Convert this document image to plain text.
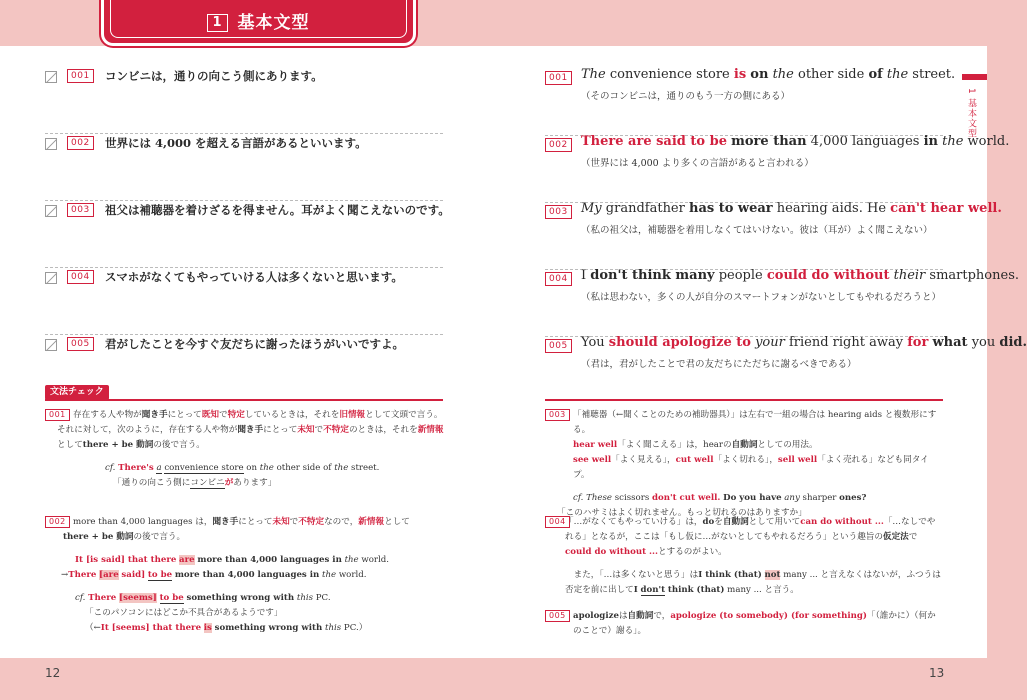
1 基本文型
1 基本文型
001	コンビニは，通りの向こう側にあります。
002	世界には 4,000 を超える言語があるといいます。
003	祖父は補聴器を着けざるを得ません。耳がよく聞こえないのです。
004	スマホがなくてもやっていける人は多くないと思います。
005	君がしたことを今すぐ友だちに謝ったほうがいいですよ。
001	The convenience store is on the other side of the street.
（そのコンビニは，通りのもう一方の側にある）
002	There are said to be more than 4,000 languages in the world.
（世界には 4,000 より多くの言語があると言われる）
003	My grandfather has to wear hearing aids. He can't hear well.
（私の祖父は，補聴器を着用しなくてはいけない。彼は（耳が）よく聞こえない）
004	I don't think many people could do without their smartphones.
（私は思わない，多くの人が自分のスマートフォンがないとしてもやれるだろうと）
005	You should apologize to your friend right away for what you did.
（君は，君がしたことで君の友だちにただちに謝るべきである）
文法チェック
001 存在する人や物が聞き手にとって既知で特定しているときは，それを旧情報として文頭で言う。
それに対して，次のように，存在する人や物が聞き手にとって未知で不特定のときは，それを新情報としてthere + be 動詞の後で言う。
cf. There's a convenience store on the other side of the street.
「通りの向こう側にコンビニがあります」
002 more than 4,000 languages は，聞き手にとって未知で不特定なので，新情報として
there + be 動詞の後で言う。
It [is said] that there are more than 4,000 languages in the world.
→There [are said] to be more than 4,000 languages in the world.
cf. There [seems] to be something wrong with this PC.
「このパソコンにはどこか不具合があるようです」
（←It [seems] that there is something wrong with this PC.）
003 「補聴器（←聞くことのための補助器具）」は左右で一組の場合は hearing aids と複数形にする。
hear well「よく聞こえる」は，hearの自動詞としての用法。
see well「よく見える」，cut well「よく切れる」，sell well「よく売れる」なども同タイプ。
cf. These scissors don't cut well. Do you have any sharper ones?
「このハサミはよく切れません。もっと切れるのはありますか」
004 「…がなくてもやっていける」は，doを自動詞として用いてcan do without ...「…なしでやれる」となるが，ここは「もし仮に…がないとしてもやれるだろう」という趣旨の仮定法でcould do without ...とするのがよい。
また，「…は多くないと思う」はI think (that) not many ... と言えなくはないが，ふつうは否定を前に出してI don't think (that) many ... と言う。
005 apologizeは自動詞で，apologize (to somebody) (for something)「（誰かに）（何かのことで）謝る」。
12	13
